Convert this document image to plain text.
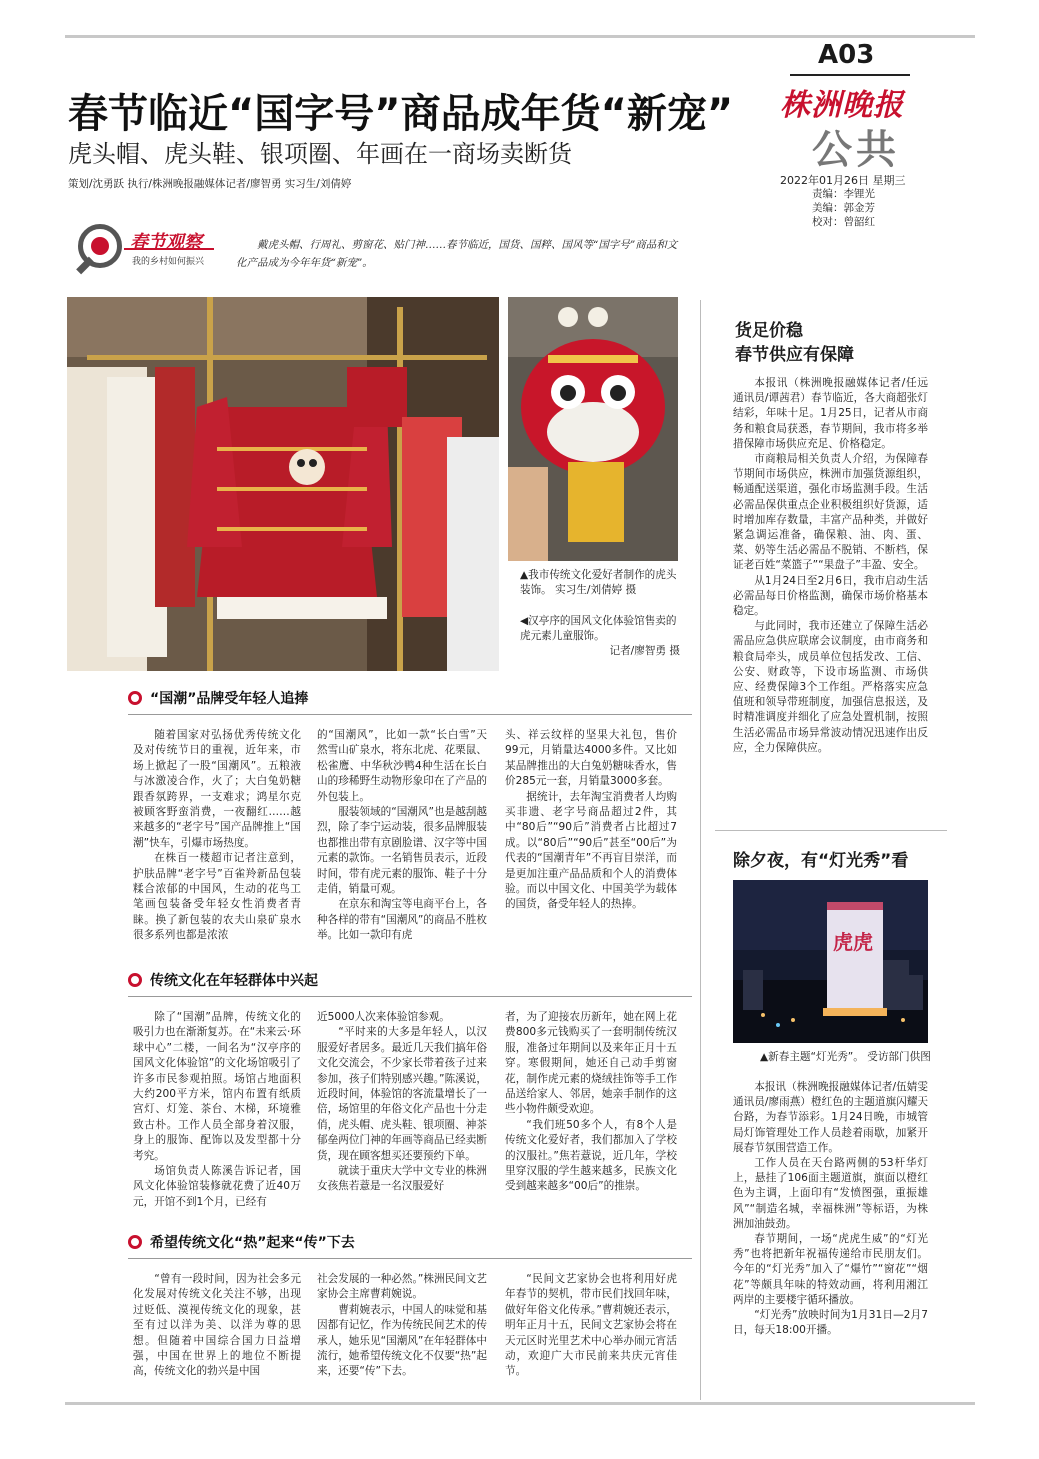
A03
株洲晚报
公共
2022年01月26日 星期三
责编：李锂光
美编：郭金芳
校对：曾韶红
春节临近“国字号”商品成年货“新宠”
虎头帽、虎头鞋、银项圈、年画在一商场卖断货
策划/沈勇跃 执行/株洲晚报融媒体记者/廖智勇 实习生/刘倩婷
春节观察
我的乡村如何振兴
戴虎头帽、行周礼、剪窗花、贴门神……春节临近，国货、国粹、国风等“国字号”商品和文化产品成为今年年货“新宠”。
▲我市传统文化爱好者制作的虎头装饰。 实习生/刘倩婷 摄
◀汉亭序的国风文化体验馆售卖的虎元素儿童服饰。
记者/廖智勇 摄
“国潮”品牌受年轻人追捧

随着国家对弘扬优秀传统文化及对传统节日的重视，近年来，市场上掀起了一股“国潮风”。五粮液与冰激凌合作，火了；大白兔奶糖跟香氛跨界，一支难求；鸿星尔克被顾客野蛮消费，一夜翻红……越来越多的“老字号”国产品牌推上“国潮”快车，引爆市场热度。

在株百一楼超市记者注意到，护肤品牌“老字号”百雀羚新品包装糅合浓郁的中国风，生动的花鸟工笔画包装备受年轻女性消费者青睐。换了新包装的农夫山泉矿泉水很多系列也都是浓浓

的“国潮风”，比如一款“长白雪”天然雪山矿泉水，将东北虎、花栗鼠、松雀鹰、中华秋沙鸭4种生活在长白山的珍稀野生动物形象印在了产品的外包装上。

服装领域的“国潮风”也是越刮越烈，除了李宁运动装，很多品牌服装也都推出带有京剧脸谱、汉字等中国元素的款饰。一名销售员表示，近段时间，带有虎元素的服饰、鞋子十分走俏，销量可观。

在京东和淘宝等电商平台上，各种各样的带有“国潮风”的商品不胜枚举。比如一款印有虎

头、祥云纹样的坚果大礼包，售价99元，月销量达4000多件。又比如某品牌推出的大白兔奶糖味香水，售价285元一套，月销量3000多套。

据统计，去年淘宝消费者人均购买非遗、老字号商品超过2件，其中“80后”“90后”消费者占比超过7成。以“80后”“90后”甚至“00后”为代表的“国潮青年”不再盲目崇洋，而是更加注重产品品质和个人的消费体验。而以中国文化、中国美学为载体的国货，备受年轻人的热捧。

传统文化在年轻群体中兴起

除了“国潮”品牌，传统文化的吸引力也在渐渐复苏。在“未来云·环球中心”二楼，一间名为“汉亭序的国风文化体验馆”的文化场馆吸引了许多市民参观拍照。场馆占地面积大约200平方米，馆内布置有纸质宫灯、灯笼、茶台、木梯，环境雅致古朴。工作人员全部身着汉服，身上的服饰、配饰以及发型都十分考究。

场馆负责人陈溪告诉记者，国风文化体验馆装修就花费了近40万元，开馆不到1个月，已经有

近5000人次来体验馆参观。

“平时来的大多是年轻人，以汉服爱好者居多。最近几天我们搞年俗文化交流会，不少家长带着孩子过来参加，孩子们特别感兴趣。”陈溪说，近段时间，体验馆的客流量增长了一倍，场馆里的年俗文化产品也十分走俏，虎头帽、虎头鞋、银项圈、神茶郁垒两位门神的年画等商品已经卖断货，现在顾客想买还要预约下单。

就读于重庆大学中文专业的株洲女孩焦若薏是一名汉服爱好

者，为了迎接农历新年，她在网上花费800多元钱购买了一套明制传统汉服，准备过年期间以及来年正月十五穿。寒假期间，她还自己动手剪窗花，制作虎元素的烧绒挂饰等手工作品送给家人、邻居，她亲手制作的这些小物件颇受欢迎。

“我们班50多个人，有8个人是传统文化爱好者，我们都加入了学校的汉服社。”焦若薏说，近几年，学校里穿汉服的学生越来越多，民族文化受到越来越多“00后”的推崇。

希望传统文化“热”起来“传”下去

“曾有一段时间，因为社会多元化发展对传统文化关注不够，出现过贬低、漠视传统文化的现象，甚至有过以洋为美、以洋为尊的思想。但随着中国综合国力日益增强，中国在世界上的地位不断提高，传统文化的勃兴是中国

社会发展的一种必然。”株洲民间文艺家协会主席曹莉婉说。

曹莉婉表示，中国人的味觉和基因都有记忆，作为传统民间艺术的传承人，她乐见“国潮风”在年轻群体中流行，她希望传统文化不仅要“热”起来，还要“传”下去。

“民间文艺家协会也将利用好虎年春节的契机，带市民们找回年味，做好年俗文化传承。”曹莉婉还表示，明年正月十五，民间文艺家协会将在天元区时光里艺术中心举办闹元宵活动，欢迎广大市民前来共庆元宵佳节。

货足价稳
春节供应有保障

本报讯（株洲晚报融媒体记者/任远 通讯员/谭茜君）春节临近，各大商超张灯结彩，年味十足。1月25日，记者从市商务和粮食局获悉，春节期间，我市将多举措保障市场供应充足、价格稳定。

市商粮局相关负责人介绍，为保障春节期间市场供应，株洲市加强货源组织，畅通配送渠道，强化市场监测手段。生活必需品保供重点企业积极组织好货源，适时增加库存数量，丰富产品种类，并做好紧急调运准备，确保粮、油、肉、蛋、菜、奶等生活必需品不脱销、不断档，保证老百姓“菜篮子”“果盘子”丰盈、安全。

从1月24日至2月6日，我市启动生活必需品每日价格监测，确保市场价格基本稳定。

与此同时，我市还建立了保障生活必需品应急供应联席会议制度，由市商务和粮食局牵头，成员单位包括发改、工信、公安、财政等，下设市场监测、市场供应、经费保障3个工作组。严格落实应急值班和领导带班制度，加强信息报送，及时精准调度并细化了应急处置机制，按照生活必需品市场异常波动情况迅速作出反应，全力保障供应。

除夕夜，有“灯光秀”看
虎虎
▲新春主题“灯光秀”。 受访部门供图

本报讯（株洲晚报融媒体记者/伍婧雯 通讯员/廖雨燕）橙红色的主题道旗闪耀天台路，为春节添彩。1月24日晚，市城管局灯饰管理处工作人员趁着雨歇，加紧开展春节氛围营造工作。

工作人员在天台路两侧的53杆华灯上，悬挂了106面主题道旗，旗面以橙红色为主调，上面印有“发愤图强，重振雄风”“制造名城，幸福株洲”等标语，为株洲加油鼓劲。

春节期间，一场“虎虎生威”的“灯光秀”也将把新年祝福传递给市民朋友们。今年的“灯光秀”加入了“爆竹”“窗花”“烟花”等颇具年味的特效动画，将利用湘江两岸的主要楼宇循环播放。

“灯光秀”放映时间为1月31日—2月7日，每天18:00开播。
